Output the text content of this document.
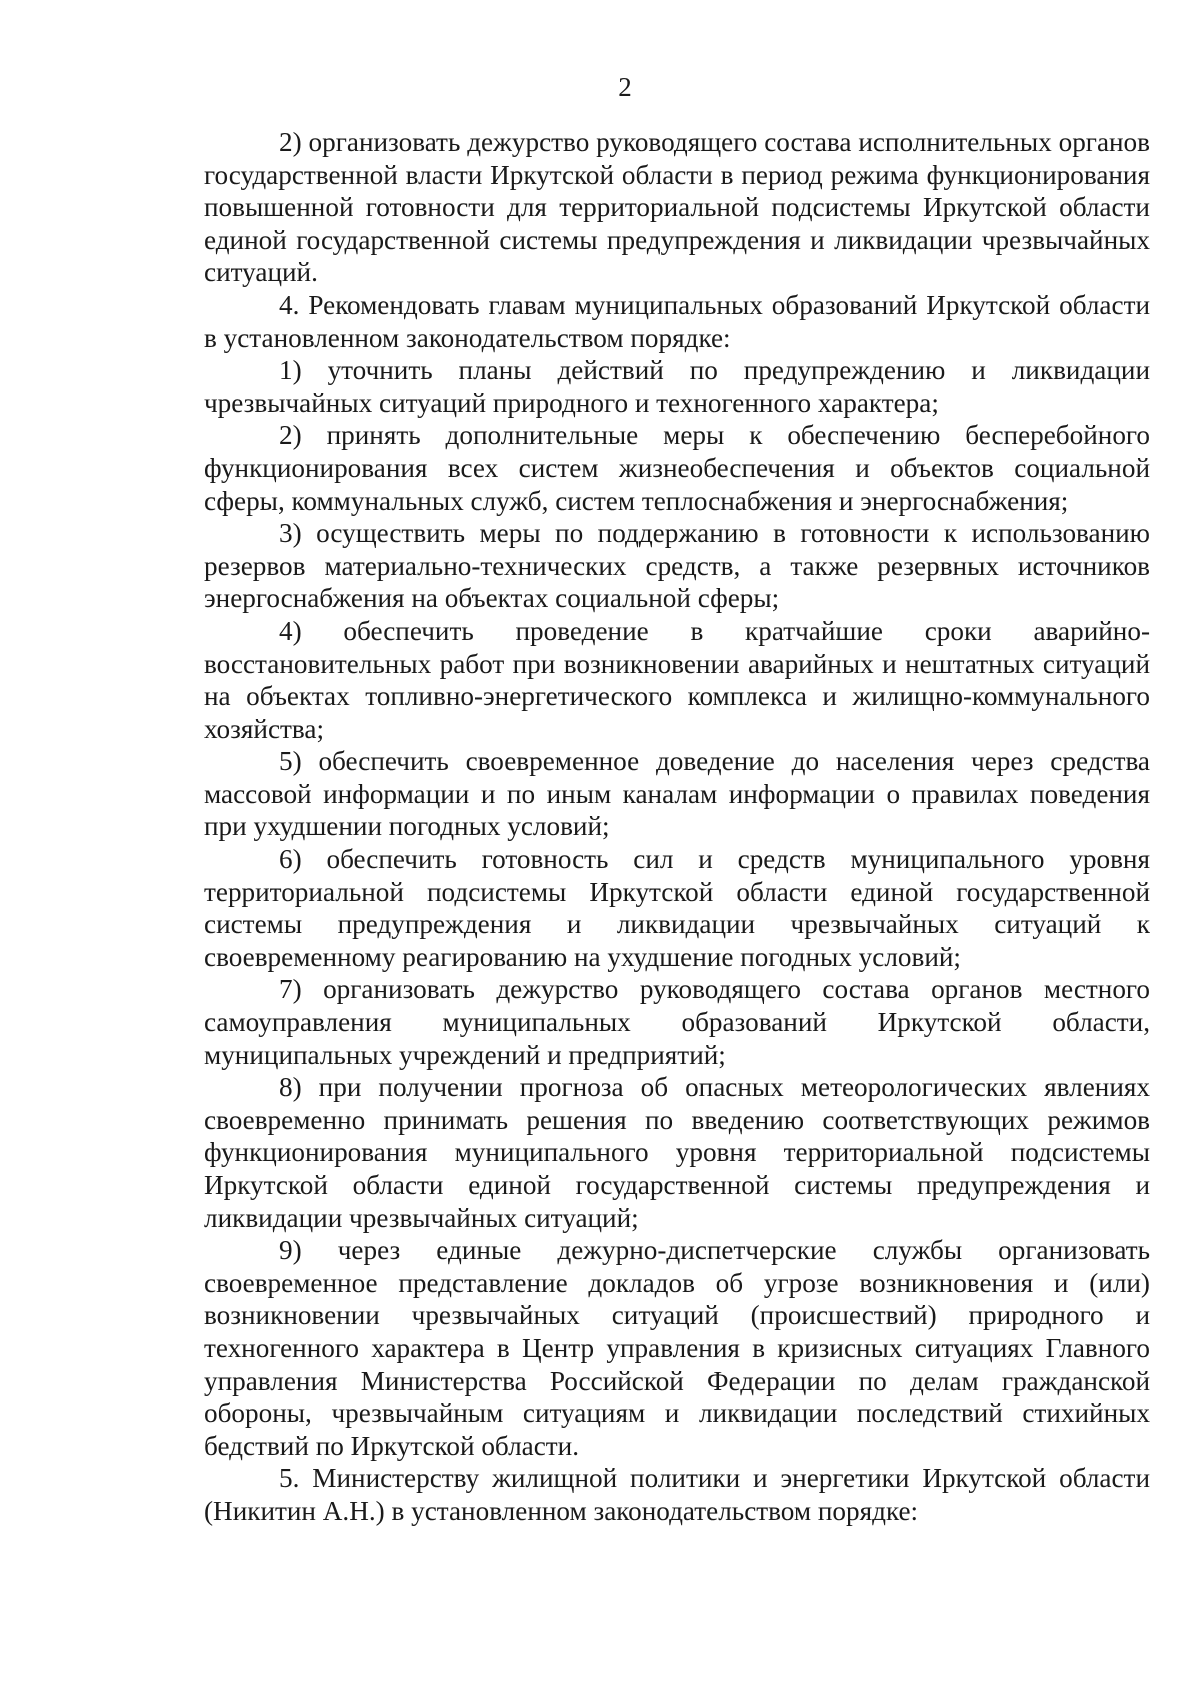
2

2) организовать дежурство руководящего состава исполнительных органов государственной власти Иркутской области в период режима функционирования повышенной готовности для территориальной подсистемы Иркутской области единой государственной системы предупреждения и ликвидации чрезвычайных ситуаций.

4. Рекомендовать главам муниципальных образований Иркутской области в установленном законодательством порядке:

1) уточнить планы действий по предупреждению и ликвидации чрезвычайных ситуаций природного и техногенного характера;

2) принять дополнительные меры к обеспечению бесперебойного функционирования всех систем жизнеобеспечения и объектов социальной сферы, коммунальных служб, систем теплоснабжения и энергоснабжения;

3) осуществить меры по поддержанию в готовности к использованию резервов материально-технических средств, а также резервных источников энергоснабжения на объектах социальной сферы;

4) обеспечить проведение в кратчайшие сроки аварийно-восстановительных работ при возникновении аварийных и нештатных ситуаций на объектах топливно-энергетического комплекса и жилищно-коммунального хозяйства;

5) обеспечить своевременное доведение до населения через средства массовой информации и по иным каналам информации о правилах поведения при ухудшении погодных условий;

6) обеспечить готовность сил и средств муниципального уровня территориальной подсистемы Иркутской области единой государственной системы предупреждения и ликвидации чрезвычайных ситуаций к своевременному реагированию на ухудшение погодных условий;

7) организовать дежурство руководящего состава органов местного самоуправления муниципальных образований Иркутской области, муниципальных учреждений и предприятий;

8) при получении прогноза об опасных метеорологических явлениях своевременно принимать решения по введению соответствующих режимов функционирования муниципального уровня территориальной подсистемы Иркутской области единой государственной системы предупреждения и ликвидации чрезвычайных ситуаций;

9) через единые дежурно-диспетчерские службы организовать своевременное представление докладов об угрозе возникновения и (или) возникновении чрезвычайных ситуаций (происшествий) природного и техногенного характера в Центр управления в кризисных ситуациях Главного управления Министерства Российской Федерации по делам гражданской обороны, чрезвычайным ситуациям и ликвидации последствий стихийных бедствий по Иркутской области.

5. Министерству жилищной политики и энергетики Иркутской области (Никитин А.Н.) в установленном законодательством порядке:
